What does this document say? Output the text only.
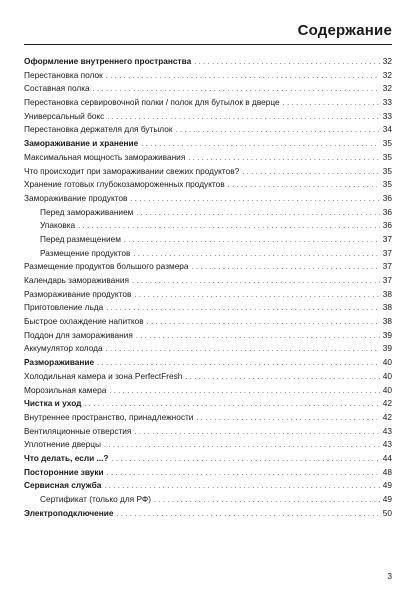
Содержание
Оформление внутреннего пространства . . .	32
Перестановка полок . . .	32
Составная полка . . .	32
Перестановка сервировочной полки / полок для бутылок в дверце . . .	33
Универсальный бокс . . .	33
Перестановка держателя для бутылок . . .	34
Замораживание и хранение . . .	35
Максимальная мощность замораживания . . .	35
Что происходит при замораживании свежих продуктов? . . .	35
Хранение готовых глубокозамороженных продуктов . . .	35
Замораживание продуктов . . .	36
Перед замораживанием . . .	36
Упаковка . . .	36
Перед размещением . . .	37
Размещение продуктов . . .	37
Размещение продуктов большого размера . . .	37
Календарь замораживания . . .	37
Размораживание продуктов . . .	38
Приготовление льда . . .	38
Быстрое охлаждение напитков . . .	38
Поддон для замораживания . . .	39
Аккумулятор холода . . .	39
Размораживание . . .	40
Холодильная камера и зона PerfectFresh . . .	40
Морозильная камера . . .	40
Чистка и уход . . .	42
Внутреннее пространство, принадлежности . . .	42
Вентиляционные отверстия . . .	43
Уплотнение дверцы . . .	43
Что делать, если ...? . . .	44
Посторонние звуки . . .	48
Сервисная служба . . .	49
Сертификат (только для РФ) . . .	49
Электроподключение . . .	50
3
